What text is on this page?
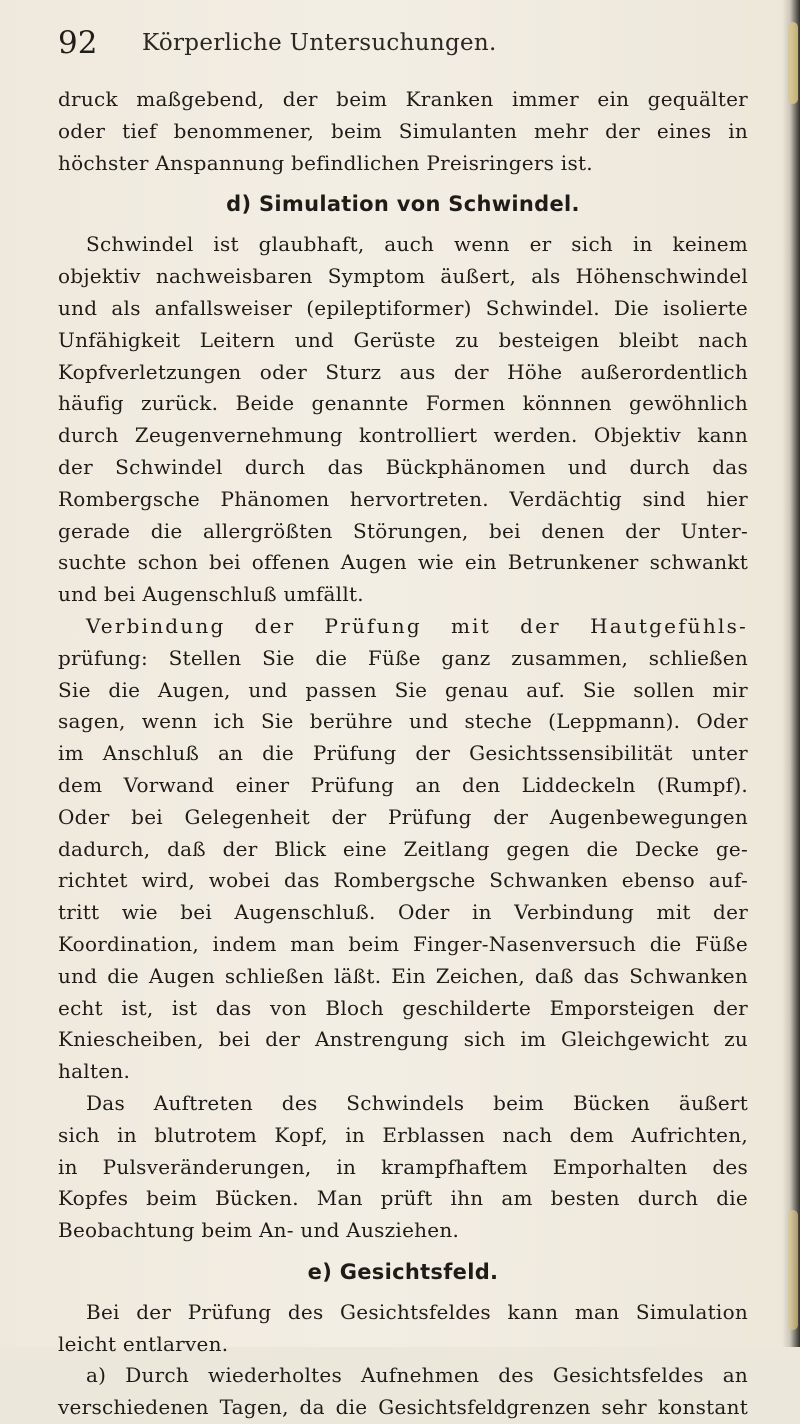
92 Körperliche Untersuchungen.
druck maßgebend, der beim Kranken immer ein gequälter
oder tief benommener, beim Simulanten mehr der eines in
höchster Anspannung befindlichen Preisringers ist.
d) Simulation von Schwindel.
Schwindel ist glaubhaft, auch wenn er sich in keinem
objektiv nachweisbaren Symptom äußert, als Höhenschwindel
und als anfallsweiser (epileptiformer) Schwindel. Die isolierte
Unfähigkeit Leitern und Gerüste zu besteigen bleibt nach
Kopfverletzungen oder Sturz aus der Höhe außerordentlich
häufig zurück. Beide genannte Formen könnnen gewöhnlich
durch Zeugenvernehmung kontrolliert werden. Objektiv kann
der Schwindel durch das Bückphänomen und durch das
Rombergsche Phänomen hervortreten. Verdächtig sind hier
gerade die allergrößten Störungen, bei denen der Unter-
suchte schon bei offenen Augen wie ein Betrunkener schwankt
und bei Augenschluß umfällt.
Verbindung der Prüfung mit der Hautgefühls-
prüfung: Stellen Sie die Füße ganz zusammen, schließen
Sie die Augen, und passen Sie genau auf. Sie sollen mir
sagen, wenn ich Sie berühre und steche (Leppmann). Oder
im Anschluß an die Prüfung der Gesichtssensibilität unter
dem Vorwand einer Prüfung an den Liddeckeln (Rumpf).
Oder bei Gelegenheit der Prüfung der Augenbewegungen
dadurch, daß der Blick eine Zeitlang gegen die Decke ge-
richtet wird, wobei das Rombergsche Schwanken ebenso auf-
tritt wie bei Augenschluß. Oder in Verbindung mit der
Koordination, indem man beim Finger-Nasenversuch die Füße
und die Augen schließen läßt. Ein Zeichen, daß das Schwanken
echt ist, ist das von Bloch geschilderte Emporsteigen der
Kniescheiben, bei der Anstrengung sich im Gleichgewicht zu
halten.
Das Auftreten des Schwindels beim Bücken äußert
sich in blutrotem Kopf, in Erblassen nach dem Aufrichten,
in Pulsveränderungen, in krampfhaftem Emporhalten des
Kopfes beim Bücken. Man prüft ihn am besten durch die
Beobachtung beim An- und Ausziehen.
e) Gesichtsfeld.
Bei der Prüfung des Gesichtsfeldes kann man Simulation
leicht entlarven.
a) Durch wiederholtes Aufnehmen des Gesichtsfeldes an
verschiedenen Tagen, da die Gesichtsfeldgrenzen sehr konstant
